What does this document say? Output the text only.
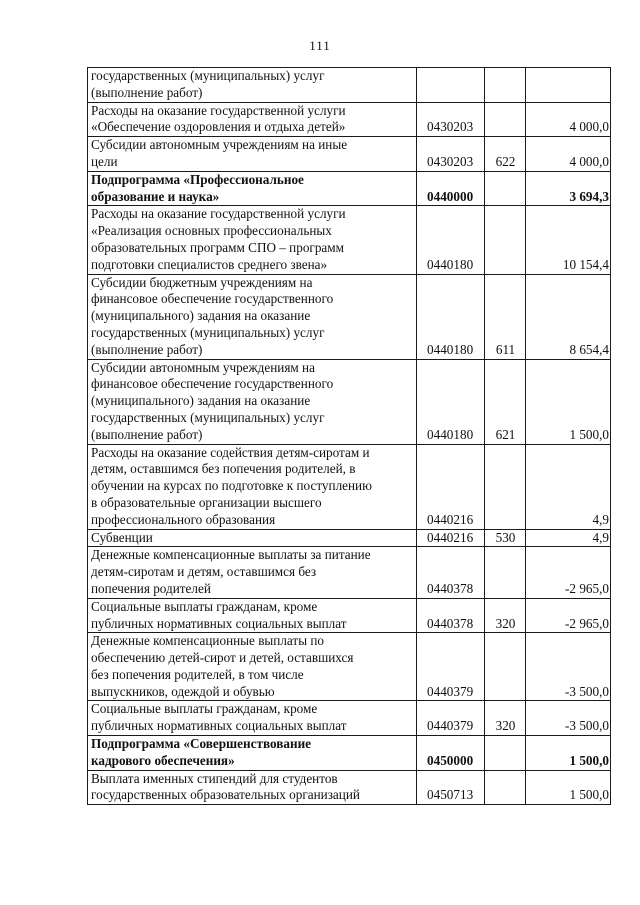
111
государственных (муниципальных) услуг
(выполнение работ)			
Расходы на оказание государственной услуги
«Обеспечение оздоровления и отдыха детей»	0430203		4 000,0
Субсидии автономным учреждениям на иные
цели	0430203	622	4 000,0
Подпрограмма «Профессиональное
образование и наука»	0440000		3 694,3
Расходы на оказание государственной услуги
«Реализация основных профессиональных
образовательных программ СПО – программ
подготовки специалистов среднего звена»	0440180		10 154,4
Субсидии бюджетным учреждениям на
финансовое обеспечение государственного
(муниципального) задания на оказание
государственных (муниципальных) услуг
(выполнение работ)	0440180	611	8 654,4
Субсидии автономным учреждениям на
финансовое обеспечение государственного
(муниципального) задания на оказание
государственных (муниципальных) услуг
(выполнение работ)	0440180	621	1 500,0
Расходы на оказание содействия детям-сиротам и
детям, оставшимся без попечения родителей, в
обучении на курсах по подготовке к поступлению
в образовательные организации высшего
профессионального образования	0440216		4,9
Субвенции	0440216	530	4,9
Денежные компенсационные выплаты за питание
детям-сиротам и детям, оставшимся без
попечения родителей	0440378		-2 965,0
Социальные выплаты гражданам, кроме
публичных нормативных социальных выплат	0440378	320	-2 965,0
Денежные компенсационные выплаты по
обеспечению детей-сирот и детей, оставшихся
без попечения родителей, в том числе
выпускников, одеждой и обувью	0440379		-3 500,0
Социальные выплаты гражданам, кроме
публичных нормативных социальных выплат	0440379	320	-3 500,0
Подпрограмма «Совершенствование
кадрового обеспечения»	0450000		1 500,0
Выплата именных стипендий для студентов
государственных образовательных организаций	0450713		1 500,0
